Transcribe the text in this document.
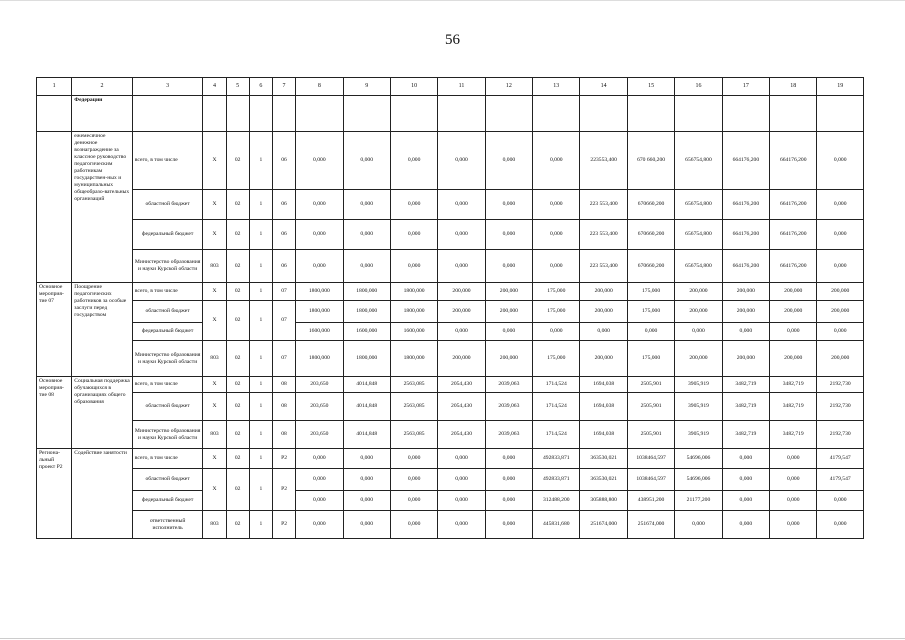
56
1	2	3	4	5	6	7	8	9	10	11	12	13	14	15	16	17	18	19
	Федерации																	
	ежемесячное денежное вознаграждение за классное руководство педагогическим работникам государствен-ных и муниципальных общеобразо-вательных организаций	всего, в том числе	Х	02	1	06	0,000	0,000	0,000	0,000	0,000	0,000	223553,400	670 660,200	656754,800	664176,200	664176,200	0,000
		областной бюджет	Х	02	1	06	0,000	0,000	0,000	0,000	0,000	0,000	223 553,400	670660,200	656754,800	664176,200	664176,200	0,000
		федеральный бюджет	Х	02	1	06	0,000	0,000	0,000	0,000	0,000	0,000	223 553,400	670660,200	656754,800	664176,200	664176,200	0,000
		Министерство образования и науки Курской области	803	02	1	06	0,000	0,000	0,000	0,000	0,000	0,000	223 553,400	670660,200	656754,800	664176,200	664176,200	0,000
Основное мероприя-тие 07	Поощрение педагогических работников за особые заслуги перед государством	всего, в том числе	Х	02	1	07	1800,000	1800,000	1800,000	200,000	200,000	175,000	200,000	175,000	200,000	200,000	200,000	200,000
		областной бюджет	Х	02	1	07	1800,000	1800,000	1800,000	200,000	200,000	175,000	200,000	175,000	200,000	200,000	200,000	200,000
		федеральный бюджет					1600,000	1600,000	1600,000	0,000	0,000	0,000	0,000	0,000	0,000	0,000	0,000	0,000
		Министерство образования и науки Курской области	803	02	1	07	1800,000	1800,000	1800,000	200,000	200,000	175,000	200,000	175,000	200,000	200,000	200,000	200,000
Основное мероприя-тие 08	Социальная поддержка обучающихся в организациях общего образования	всего, в том числе	Х	02	1	08	203,650	4014,848	2563,085	2054,430	2039,063	1714,524	1694,038	2505,901	3905,919	3482,719	3482,719	2192,730
		областной бюджет	Х	02	1	08	203,650	4014,848	2563,085	2054,430	2039,063	1714,524	1694,038	2505,901	3905,919	3482,719	3482,719	2192,730
		Министерство образования и науки Курской области	803	02	1	08	203,650	4014,848	2563,085	2054,430	2039,063	1714,524	1694,038	2505,901	3905,919	3482,719	3482,719	2192,730
Региона-льный проект Р2	Содействие занятости	всего, в том числе	Х	02	1	Р2	0,000	0,000	0,000	0,000	0,000	492833,871	363530,021	1038464,597	54696,006	0,000	0,000	4179,547
		областной бюджет	Х	02	1	Р2	0,000	0,000	0,000	0,000	0,000	492833,871	363530,021	1038464,597	54696,006	0,000	0,000	4179,547
		федеральный бюджет					0,000	0,000	0,000	0,000	0,000	312488,200	305888,800	438951,200	21177,200	0,000	0,000	0,000
		ответственный исполнитель	803	02	1	Р2	0,000	0,000	0,000	0,000	0,000	445831,680	251674,000	251674,000	0,000	0,000	0,000	0,000
